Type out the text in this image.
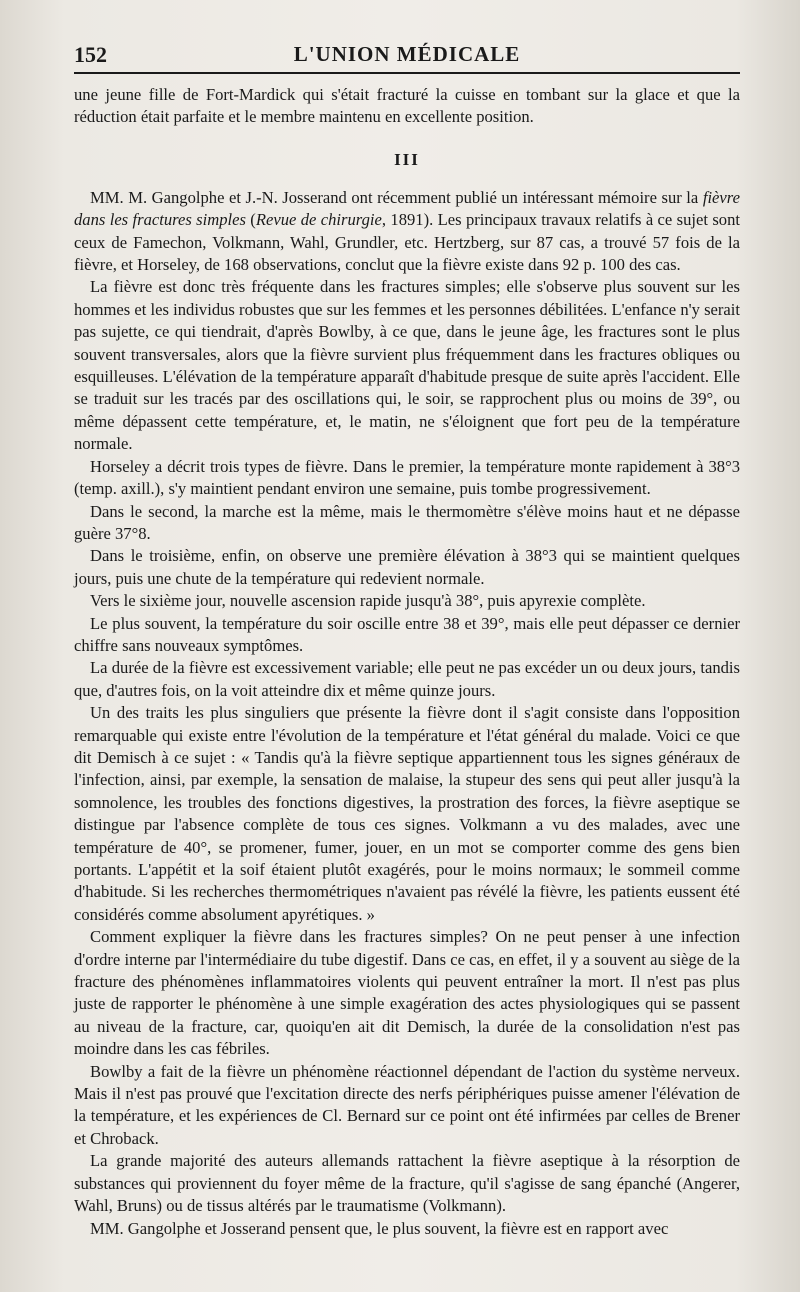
152	L'UNION MÉDICALE

une jeune fille de Fort-Mardick qui s'était fracturé la cuisse en tombant sur la glace et que la réduction était parfaite et le membre maintenu en excellente position.

III

MM. M. Gangolphe et J.-N. Josserand ont récemment publié un intéressant mémoire sur la fièvre dans les fractures simples (Revue de chirurgie, 1891). Les principaux travaux relatifs à ce sujet sont ceux de Famechon, Volkmann, Wahl, Grundler, etc. Hertzberg, sur 87 cas, a trouvé 57 fois de la fièvre, et Horseley, de 168 observations, conclut que la fièvre existe dans 92 p. 100 des cas.

La fièvre est donc très fréquente dans les fractures simples; elle s'observe plus souvent sur les hommes et les individus robustes que sur les femmes et les personnes débilitées. L'enfance n'y serait pas sujette, ce qui tiendrait, d'après Bowlby, à ce que, dans le jeune âge, les fractures sont le plus souvent transversales, alors que la fièvre survient plus fréquemment dans les fractures obliques ou esquilleuses. L'élévation de la température apparaît d'habitude presque de suite après l'accident. Elle se traduit sur les tracés par des oscillations qui, le soir, se rapprochent plus ou moins de 39°, ou même dépassent cette température, et, le matin, ne s'éloignent que fort peu de la température normale.

Horseley a décrit trois types de fièvre. Dans le premier, la température monte rapidement à 38°3 (temp. axill.), s'y maintient pendant environ une semaine, puis tombe progressivement.

Dans le second, la marche est la même, mais le thermomètre s'élève moins haut et ne dépasse guère 37°8.

Dans le troisième, enfin, on observe une première élévation à 38°3 qui se maintient quelques jours, puis une chute de la température qui redevient normale.

Vers le sixième jour, nouvelle ascension rapide jusqu'à 38°, puis apyrexie complète.

Le plus souvent, la température du soir oscille entre 38 et 39°, mais elle peut dépasser ce dernier chiffre sans nouveaux symptômes.

La durée de la fièvre est excessivement variable; elle peut ne pas excéder un ou deux jours, tandis que, d'autres fois, on la voit atteindre dix et même quinze jours.

Un des traits les plus singuliers que présente la fièvre dont il s'agit consiste dans l'opposition remarquable qui existe entre l'évolution de la température et l'état général du malade. Voici ce que dit Demisch à ce sujet : « Tandis qu'à la fièvre septique appartiennent tous les signes généraux de l'infection, ainsi, par exemple, la sensation de malaise, la stupeur des sens qui peut aller jusqu'à la somnolence, les troubles des fonctions digestives, la prostration des forces, la fièvre aseptique se distingue par l'absence complète de tous ces signes. Volkmann a vu des malades, avec une température de 40°, se promener, fumer, jouer, en un mot se comporter comme des gens bien portants. L'appétit et la soif étaient plutôt exagérés, pour le moins normaux; le sommeil comme d'habitude. Si les recherches thermométriques n'avaient pas révélé la fièvre, les patients eussent été considérés comme absolument apyrétiques. »

Comment expliquer la fièvre dans les fractures simples? On ne peut penser à une infection d'ordre interne par l'intermédiaire du tube digestif. Dans ce cas, en effet, il y a souvent au siège de la fracture des phénomènes inflammatoires violents qui peuvent entraîner la mort. Il n'est pas plus juste de rapporter le phénomène à une simple exagération des actes physiologiques qui se passent au niveau de la fracture, car, quoiqu'en ait dit Demisch, la durée de la consolidation n'est pas moindre dans les cas fébriles.

Bowlby a fait de la fièvre un phénomène réactionnel dépendant de l'action du système nerveux. Mais il n'est pas prouvé que l'excitation directe des nerfs périphériques puisse amener l'élévation de la température, et les expériences de Cl. Bernard sur ce point ont été infirmées par celles de Brener et Chroback.

La grande majorité des auteurs allemands rattachent la fièvre aseptique à la résorption de substances qui proviennent du foyer même de la fracture, qu'il s'agisse de sang épanché (Angerer, Wahl, Bruns) ou de tissus altérés par le traumatisme (Volkmann).

MM. Gangolphe et Josserand pensent que, le plus souvent, la fièvre est en rapport avec
